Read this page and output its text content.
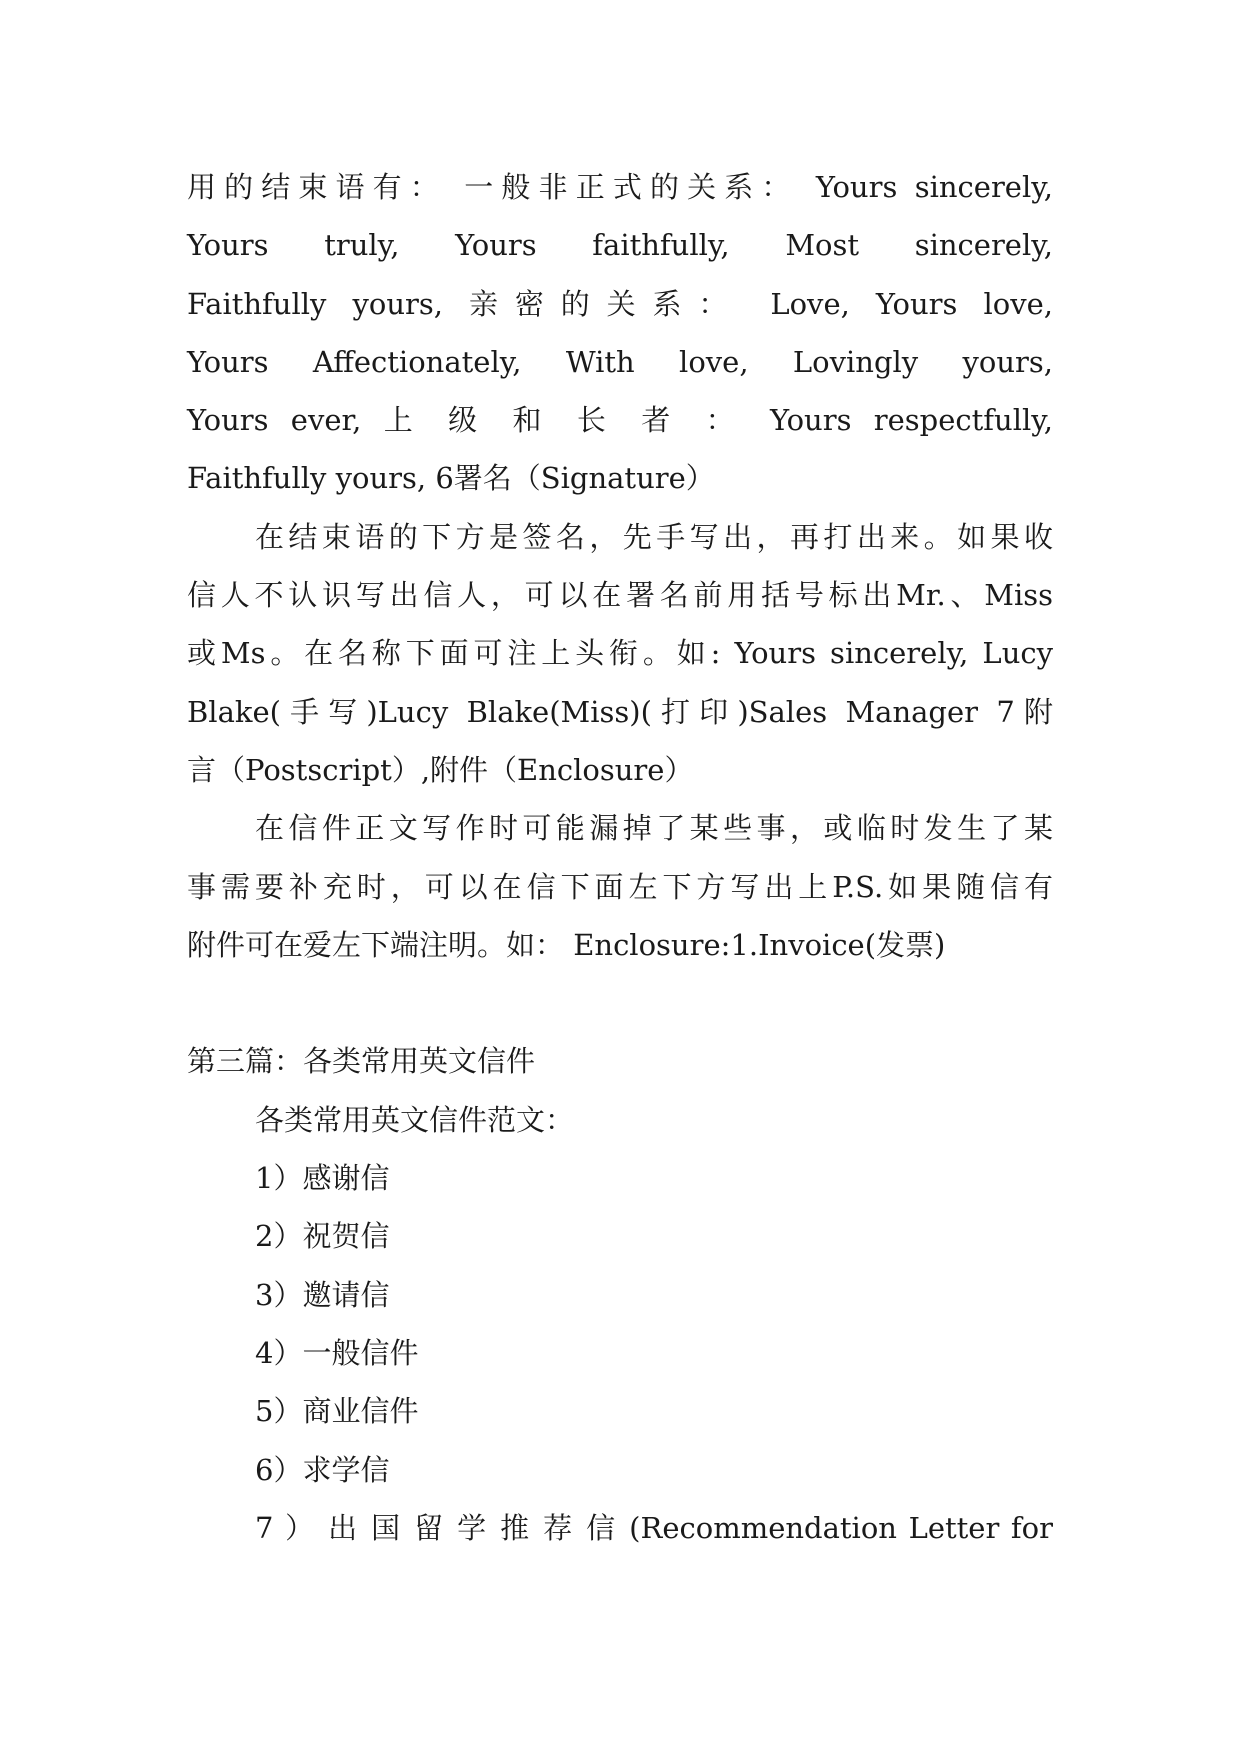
用的结束语有： 一般非正式的关系： Yours sincerely,
Yours truly, Yours faithfully, Most sincerely,
Faithfully yours, 亲密的关系： Love, Yours love,
Yours Affectionately, With love, Lovingly yours,
Yours ever, 上 级 和 长 者 ： Yours respectfully,
Faithfully yours, 6署名（Signature）
在结束语的下方是签名，先手写出，再打出来。如果收
信人不认识写出信人，可以在署名前用括号标出Mr.、Miss
或Ms。在名称下面可注上头衔。如: Yours sincerely, Lucy
Blake(手写)Lucy Blake(Miss)(打印)Sales Manager 7附
言（Postscript）,附件（Enclosure）
在信件正文写作时可能漏掉了某些事，或临时发生了某
事需要补充时，可以在信下面左下方写出上P.S.如果随信有
附件可在爱左下端注明。如： Enclosure:1.Invoice(发票)
第三篇：各类常用英文信件
各类常用英文信件范文：
1）感谢信
2）祝贺信
3）邀请信
4）一般信件
5）商业信件
6）求学信
7 ） 出 国 留 学 推 荐 信 (Recommendation Letter for
